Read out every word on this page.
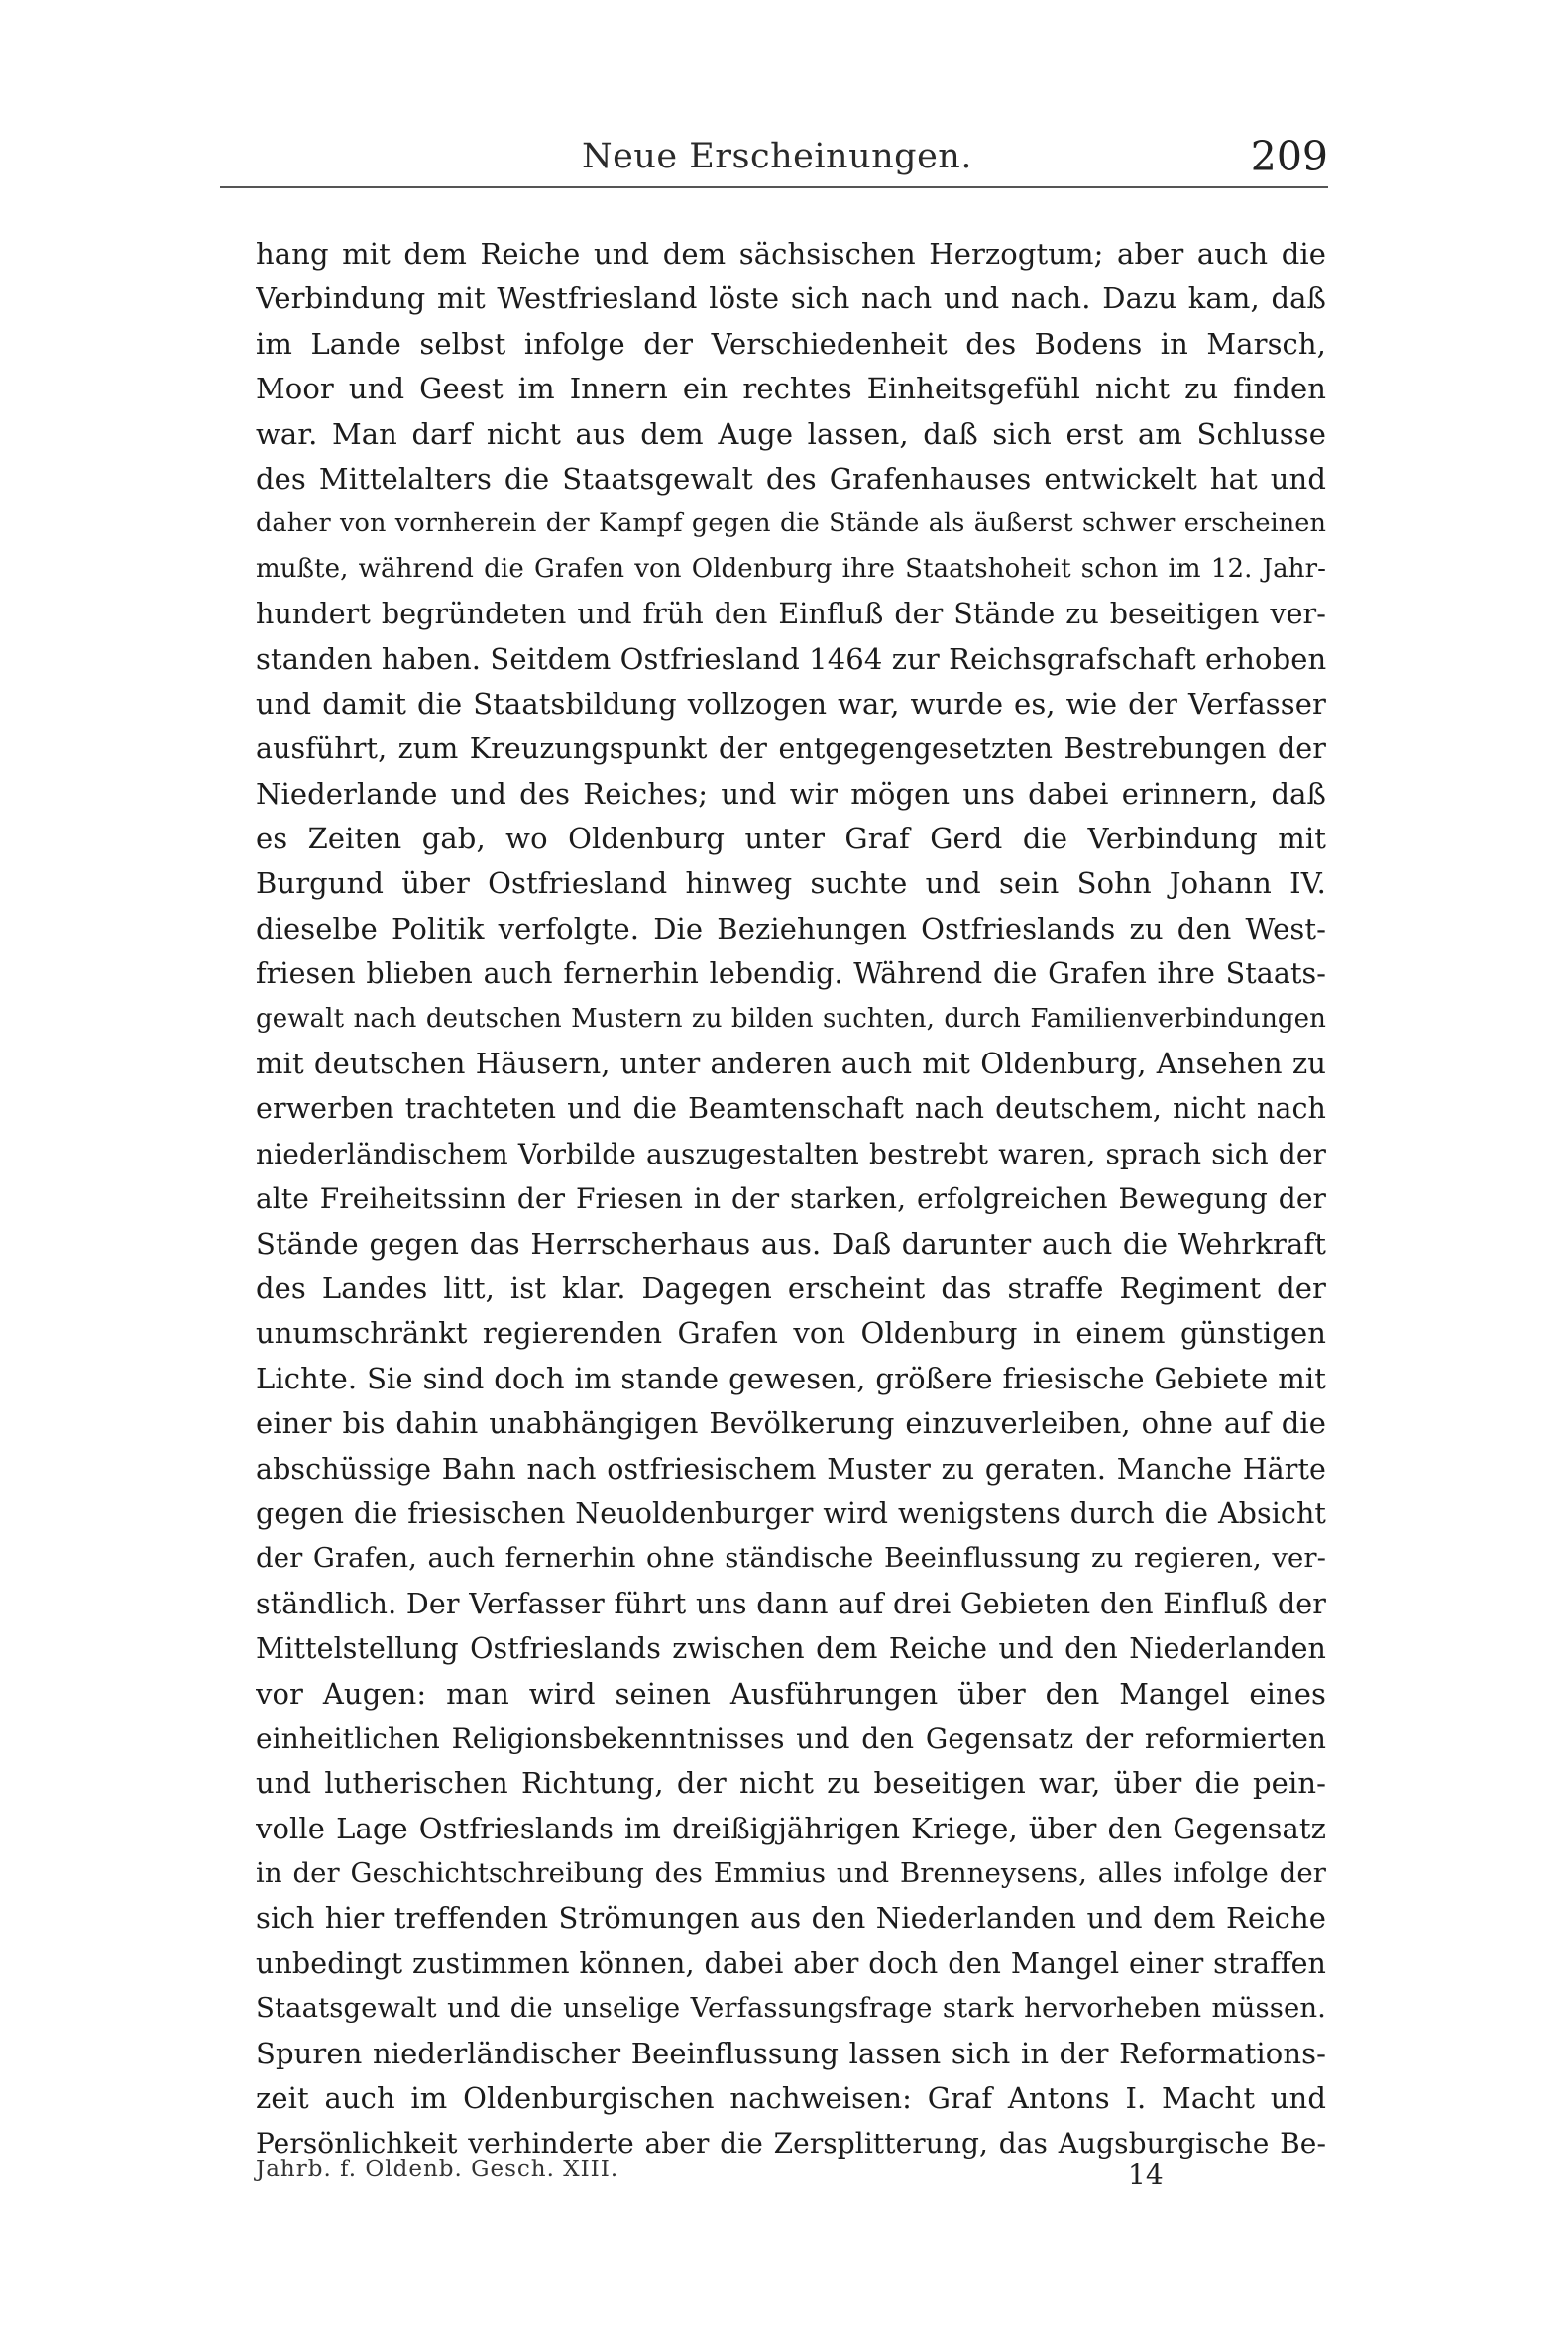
Neue Erscheinungen.	209
hang mit dem Reiche und dem sächsischen Herzogtum; aber auch die
Verbindung mit Westfriesland löste sich nach und nach. Dazu kam, daß
im Lande selbst infolge der Verschiedenheit des Bodens in Marsch,
Moor und Geest im Innern ein rechtes Einheitsgefühl nicht zu finden
war. Man darf nicht aus dem Auge lassen, daß sich erst am Schlusse
des Mittelalters die Staatsgewalt des Grafenhauses entwickelt hat und
daher von vornherein der Kampf gegen die Stände als äußerst schwer erscheinen
mußte, während die Grafen von Oldenburg ihre Staatshoheit schon im 12. Jahr-
hundert begründeten und früh den Einfluß der Stände zu beseitigen ver-
standen haben. Seitdem Ostfriesland 1464 zur Reichsgrafschaft erhoben
und damit die Staatsbildung vollzogen war, wurde es, wie der Verfasser
ausführt, zum Kreuzungspunkt der entgegengesetzten Bestrebungen der
Niederlande und des Reiches; und wir mögen uns dabei erinnern, daß
es Zeiten gab, wo Oldenburg unter Graf Gerd die Verbindung mit
Burgund über Ostfriesland hinweg suchte und sein Sohn Johann IV.
dieselbe Politik verfolgte. Die Beziehungen Ostfrieslands zu den West-
friesen blieben auch fernerhin lebendig. Während die Grafen ihre Staats-
gewalt nach deutschen Mustern zu bilden suchten, durch Familienverbindungen
mit deutschen Häusern, unter anderen auch mit Oldenburg, Ansehen zu
erwerben trachteten und die Beamtenschaft nach deutschem, nicht nach
niederländischem Vorbilde auszugestalten bestrebt waren, sprach sich der
alte Freiheitssinn der Friesen in der starken, erfolgreichen Bewegung der
Stände gegen das Herrscherhaus aus. Daß darunter auch die Wehrkraft
des Landes litt, ist klar. Dagegen erscheint das straffe Regiment der
unumschränkt regierenden Grafen von Oldenburg in einem günstigen
Lichte. Sie sind doch im stande gewesen, größere friesische Gebiete mit
einer bis dahin unabhängigen Bevölkerung einzuverleiben, ohne auf die
abschüssige Bahn nach ostfriesischem Muster zu geraten. Manche Härte
gegen die friesischen Neuoldenburger wird wenigstens durch die Absicht
der Grafen, auch fernerhin ohne ständische Beeinflussung zu regieren, ver-
ständlich. Der Verfasser führt uns dann auf drei Gebieten den Einfluß der
Mittelstellung Ostfrieslands zwischen dem Reiche und den Niederlanden
vor Augen: man wird seinen Ausführungen über den Mangel eines
einheitlichen Religionsbekenntnisses und den Gegensatz der reformierten
und lutherischen Richtung, der nicht zu beseitigen war, über die pein-
volle Lage Ostfrieslands im dreißigjährigen Kriege, über den Gegensatz
in der Geschichtschreibung des Emmius und Brenneysens, alles infolge der
sich hier treffenden Strömungen aus den Niederlanden und dem Reiche
unbedingt zustimmen können, dabei aber doch den Mangel einer straffen
Staatsgewalt und die unselige Verfassungsfrage stark hervorheben müssen.
Spuren niederländischer Beeinflussung lassen sich in der Reformations-
zeit auch im Oldenburgischen nachweisen: Graf Antons I. Macht und
Persönlichkeit verhinderte aber die Zersplitterung, das Augsburgische Be-
Jahrb. f. Oldenb. Gesch. XIII.	14
